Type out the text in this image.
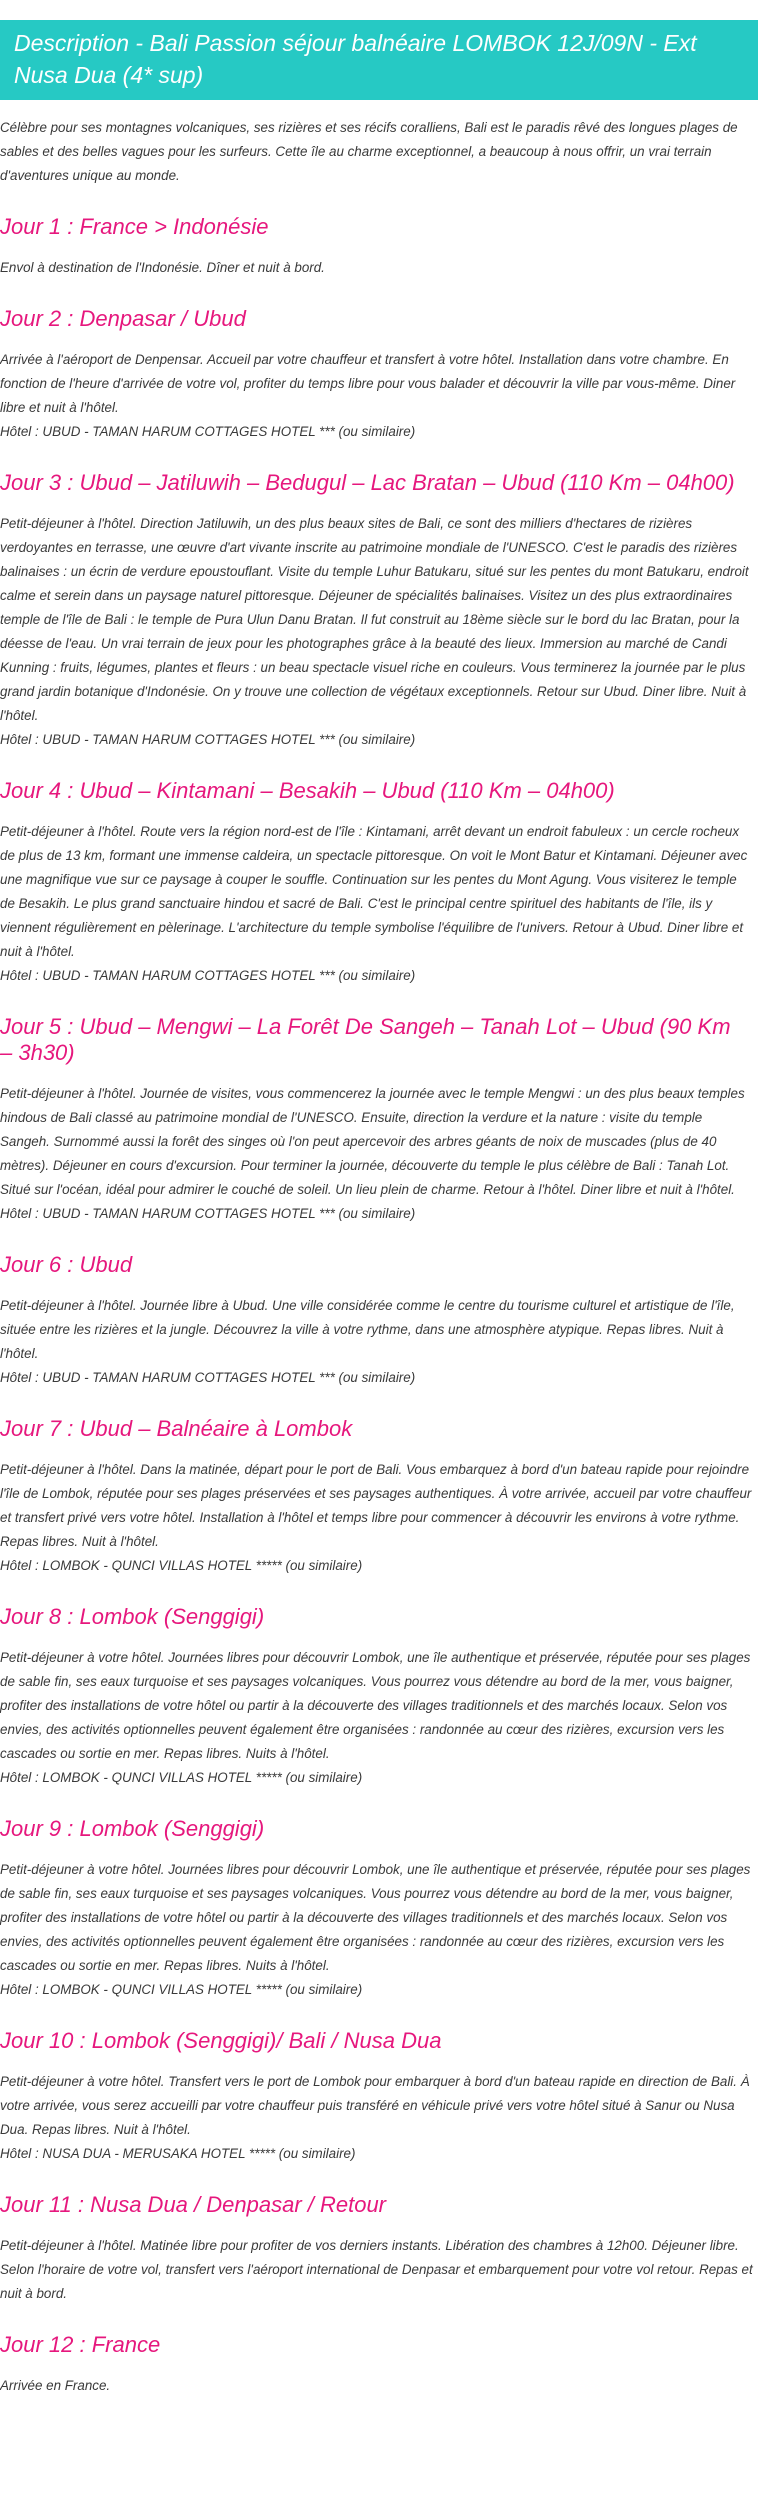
Description - Bali Passion séjour balnéaire LOMBOK 12J/09N - Ext Nusa Dua (4* sup)
Célèbre pour ses montagnes volcaniques, ses rizières et ses récifs coralliens, Bali est le paradis rêvé des longues plages de sables et des belles vagues pour les surfeurs. Cette île au charme exceptionnel, a beaucoup à nous offrir, un vrai terrain d'aventures unique au monde.
Jour 1 : France > Indonésie

Envol à destination de l'Indonésie. Dîner et nuit à bord.

Jour 2 : Denpasar / Ubud

Arrivée à l'aéroport de Denpensar. Accueil par votre chauffeur et transfert à votre hôtel. Installation dans votre chambre. En fonction de l'heure d'arrivée de votre vol, profiter du temps libre pour vous balader et découvrir la ville par vous-même. Diner libre et nuit à l'hôtel.

Hôtel : UBUD - TAMAN HARUM COTTAGES HOTEL *** (ou similaire)
Jour 3 : Ubud – Jatiluwih – Bedugul – Lac Bratan – Ubud (110 Km – 04h00)

Petit-déjeuner à l'hôtel. Direction Jatiluwih, un des plus beaux sites de Bali, ce sont des milliers d'hectares de rizières verdoyantes en terrasse, une œuvre d'art vivante inscrite au patrimoine mondiale de l'UNESCO. C'est le paradis des rizières balinaises : un écrin de verdure epoustouflant. Visite du temple Luhur Batukaru, situé sur les pentes du mont Batukaru, endroit calme et serein dans un paysage naturel pittoresque. Déjeuner de spécialités balinaises. Visitez un des plus extraordinaires temple de l'île de Bali : le temple de Pura Ulun Danu Bratan. Il fut construit au 18ème siècle sur le bord du lac Bratan, pour la déesse de l'eau. Un vrai terrain de jeux pour les photographes grâce à la beauté des lieux. Immersion au marché de Candi Kunning : fruits, légumes, plantes et fleurs : un beau spectacle visuel riche en couleurs. Vous terminerez la journée par le plus grand jardin botanique d'Indonésie. On y trouve une collection de végétaux exceptionnels. Retour sur Ubud. Diner libre. Nuit à l'hôtel.

Hôtel : UBUD - TAMAN HARUM COTTAGES HOTEL *** (ou similaire)
Jour 4 : Ubud – Kintamani – Besakih – Ubud (110 Km – 04h00)

Petit-déjeuner à l'hôtel. Route vers la région nord-est de l'île : Kintamani, arrêt devant un endroit fabuleux : un cercle rocheux de plus de 13 km, formant une immense caldeira, un spectacle pittoresque. On voit le Mont Batur et Kintamani. Déjeuner avec une magnifique vue sur ce paysage à couper le souffle. Continuation sur les pentes du Mont Agung. Vous visiterez le temple de Besakih. Le plus grand sanctuaire hindou et sacré de Bali. C'est le principal centre spirituel des habitants de l'île, ils y viennent régulièrement en pèlerinage. L'architecture du temple symbolise l'équilibre de l'univers. Retour à Ubud. Diner libre et nuit à l'hôtel.

Hôtel : UBUD - TAMAN HARUM COTTAGES HOTEL *** (ou similaire)
Jour 5 : Ubud – Mengwi – La Forêt De Sangeh – Tanah Lot – Ubud (90 Km – 3h30)

Petit-déjeuner à l'hôtel. Journée de visites, vous commencerez la journée avec le temple Mengwi : un des plus beaux temples hindous de Bali classé au patrimoine mondial de l'UNESCO. Ensuite, direction la verdure et la nature : visite du temple Sangeh. Surnommé aussi la forêt des singes où l'on peut apercevoir des arbres géants de noix de muscades (plus de 40 mètres). Déjeuner en cours d'excursion. Pour terminer la journée, découverte du temple le plus célèbre de Bali : Tanah Lot. Situé sur l'océan, idéal pour admirer le couché de soleil. Un lieu plein de charme. Retour à l'hôtel. Diner libre et nuit à l'hôtel.

Hôtel : UBUD - TAMAN HARUM COTTAGES HOTEL *** (ou similaire)
Jour 6 : Ubud

Petit-déjeuner à l'hôtel. Journée libre à Ubud. Une ville considérée comme le centre du tourisme culturel et artistique de l'île, située entre les rizières et la jungle. Découvrez la ville à votre rythme, dans une atmosphère atypique. Repas libres. Nuit à l'hôtel.

Hôtel : UBUD - TAMAN HARUM COTTAGES HOTEL *** (ou similaire)
Jour 7 : Ubud – Balnéaire à Lombok

Petit-déjeuner à l'hôtel. Dans la matinée, départ pour le port de Bali. Vous embarquez à bord d'un bateau rapide pour rejoindre l'île de Lombok, réputée pour ses plages préservées et ses paysages authentiques. À votre arrivée, accueil par votre chauffeur et transfert privé vers votre hôtel. Installation à l'hôtel et temps libre pour commencer à découvrir les environs à votre rythme. Repas libres. Nuit à l'hôtel.

Hôtel : LOMBOK - QUNCI VILLAS HOTEL ***** (ou similaire)
Jour 8 : Lombok (Senggigi)

Petit-déjeuner à votre hôtel. Journées libres pour découvrir Lombok, une île authentique et préservée, réputée pour ses plages de sable fin, ses eaux turquoise et ses paysages volcaniques. Vous pourrez vous détendre au bord de la mer, vous baigner, profiter des installations de votre hôtel ou partir à la découverte des villages traditionnels et des marchés locaux. Selon vos envies, des activités optionnelles peuvent également être organisées : randonnée au cœur des rizières, excursion vers les cascades ou sortie en mer. Repas libres. Nuits à l'hôtel.

Hôtel : LOMBOK - QUNCI VILLAS HOTEL ***** (ou similaire)
Jour 9 : Lombok (Senggigi)

Petit-déjeuner à votre hôtel. Journées libres pour découvrir Lombok, une île authentique et préservée, réputée pour ses plages de sable fin, ses eaux turquoise et ses paysages volcaniques. Vous pourrez vous détendre au bord de la mer, vous baigner, profiter des installations de votre hôtel ou partir à la découverte des villages traditionnels et des marchés locaux. Selon vos envies, des activités optionnelles peuvent également être organisées : randonnée au cœur des rizières, excursion vers les cascades ou sortie en mer. Repas libres. Nuits à l'hôtel.

Hôtel : LOMBOK - QUNCI VILLAS HOTEL ***** (ou similaire)
Jour 10 : Lombok (Senggigi)/ Bali / Nusa Dua

Petit-déjeuner à votre hôtel. Transfert vers le port de Lombok pour embarquer à bord d'un bateau rapide en direction de Bali. À votre arrivée, vous serez accueilli par votre chauffeur puis transféré en véhicule privé vers votre hôtel situé à Sanur ou Nusa Dua. Repas libres. Nuit à l'hôtel.

Hôtel : NUSA DUA - MERUSAKA HOTEL ***** (ou similaire)
Jour 11 : Nusa Dua / Denpasar / Retour

Petit-déjeuner à l'hôtel. Matinée libre pour profiter de vos derniers instants. Libération des chambres à 12h00. Déjeuner libre. Selon l'horaire de votre vol, transfert vers l'aéroport international de Denpasar et embarquement pour votre vol retour. Repas et nuit à bord.

Jour 12 : France

Arrivée en France.
